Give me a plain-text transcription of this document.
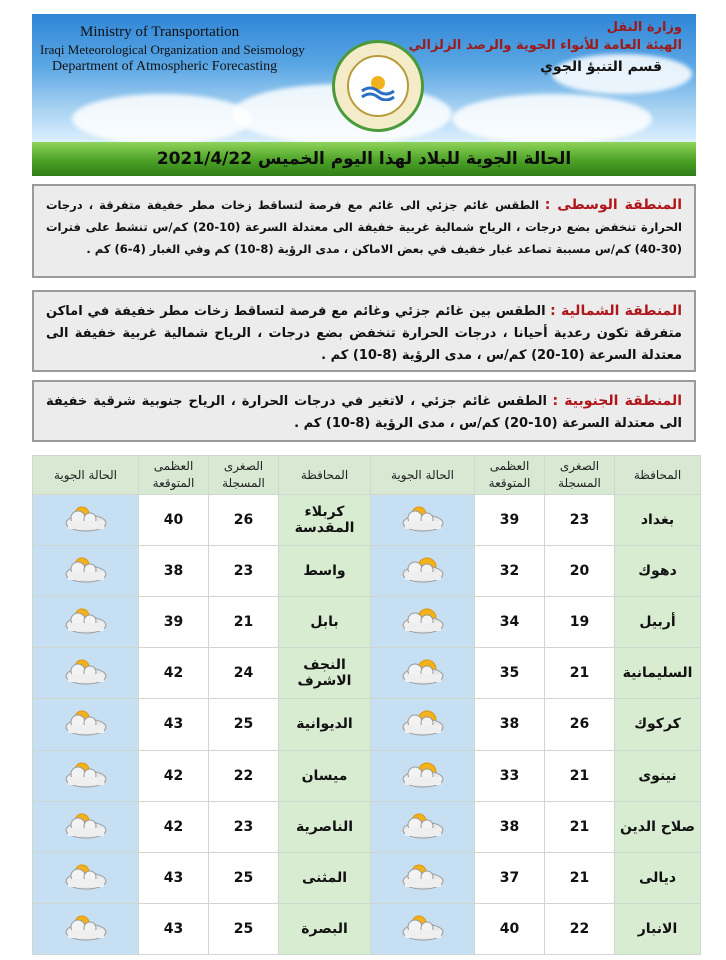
Ministry of Transportation
Iraqi Meteorological Organization and Seismology
Department of Atmospheric Forecasting
وزارة النقل
الهيئة العامة للأنواء الجوية والرصد الزلزالي
قسم التنبؤ الجوي
الحالة الجوية للبلاد لهذا اليوم الخميس 2021/4/22
المنطقة الوسطى : الطقس غائم جزئي الى غائم مع فرصة لتساقط زخات مطر خفيفة متفرقة ، درجات الحرارة تنخفض بضع درجات ، الرياح شمالية غربية خفيفة الى معتدلة السرعة (10-20) كم/س تنشط على فترات (30-40) كم/س مسببة تصاعد غبار خفيف في بعض الاماكن ، مدى الرؤية (8-10) كم وفي الغبار (4-6) كم .
المنطقة الشمالية : الطقس بين غائم جزئي وغائم مع فرصة لتساقط زخات مطر خفيفة في اماكن متفرقة تكون رعدية أحيانا ، درجات الحرارة تنخفض بضع درجات ، الرياح شمالية غربية خفيفة الى معتدلة السرعة (10-20) كم/س ، مدى الرؤية (8-10) كم .
المنطقة الجنوبية : الطقس غائم جزئي ، لاتغير في درجات الحرارة ، الرياح جنوبية شرقية خفيفة الى معتدلة السرعة (10-20) كم/س ، مدى الرؤية (8-10) كم .
المحافظة	الصغرى المسجلة	العظمى المتوقعة	الحالة الجوية	المحافظة	الصغرى المسجلة	العظمى المتوقعة	الحالة الجوية
بغداد	23	39		كربلاء المقدسة	26	40	
دهوك	20	32		واسط	23	38	
أربيل	19	34		بابل	21	39	
السليمانية	21	35		النجف الاشرف	24	42	
كركوك	26	38		الديوانية	25	43	
نينوى	21	33		ميسان	22	42	
صلاح الدين	21	38		الناصرية	23	42	
ديالى	21	37		المثنى	25	43	
الانبار	22	40		البصرة	25	43	
